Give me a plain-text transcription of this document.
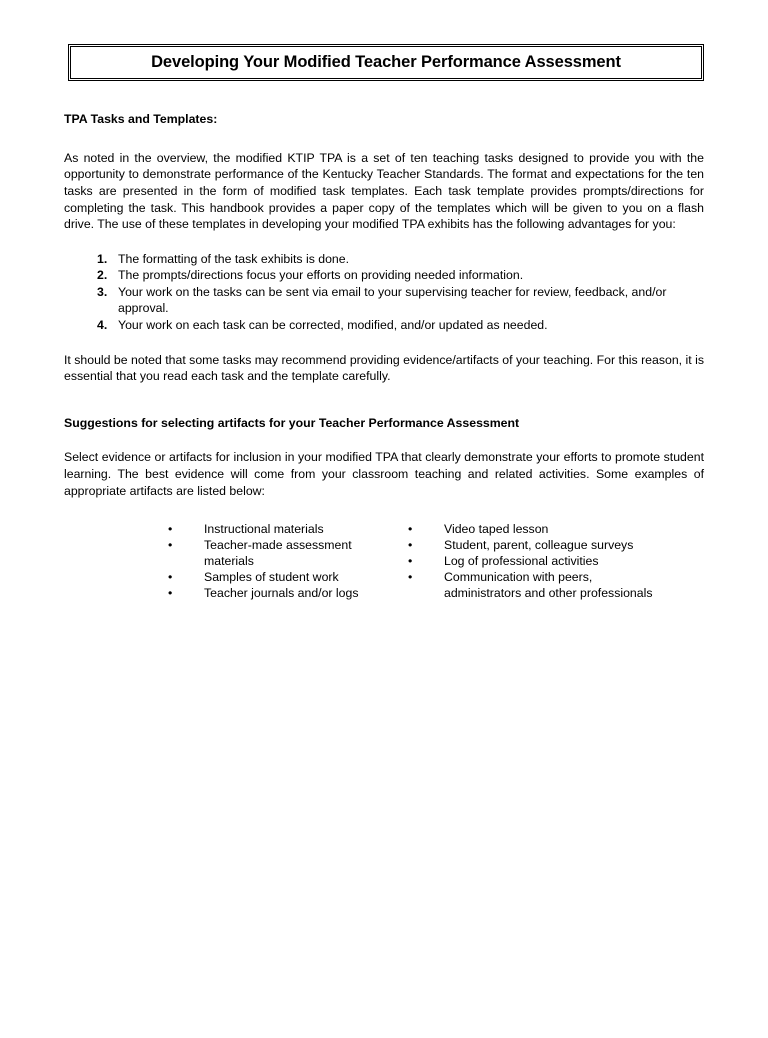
Developing Your Modified Teacher Performance Assessment
TPA Tasks and Templates:
As noted in the overview, the modified KTIP TPA is a set of ten teaching tasks designed to provide you with the opportunity to demonstrate performance of the Kentucky Teacher Standards. The format and expectations for the ten tasks are presented in the form of modified task templates. Each task template provides prompts/directions for completing the task. This handbook provides a paper copy of the templates which will be given to you on a flash drive. The use of these templates in developing your modified TPA exhibits has the following advantages for you:
1. The formatting of the task exhibits is done.
2. The prompts/directions focus your efforts on providing needed information.
3. Your work on the tasks can be sent via email to your supervising teacher for review, feedback, and/or approval.
4. Your work on each task can be corrected, modified, and/or updated as needed.
It should be noted that some tasks may recommend providing evidence/artifacts of your teaching. For this reason, it is essential that you read each task and the template carefully.
Suggestions for selecting artifacts for your Teacher Performance Assessment
Select evidence or artifacts for inclusion in your modified TPA that clearly demonstrate your efforts to promote student learning. The best evidence will come from your classroom teaching and related activities. Some examples of appropriate artifacts are listed below:
•	Instructional materials
•	Teacher-made assessment materials
•	Samples of student work
•	Teacher journals and/or logs
•	Video taped lesson
•	Student, parent, colleague surveys
•	Log of professional activities
•	Communication with peers, administrators and other professionals
